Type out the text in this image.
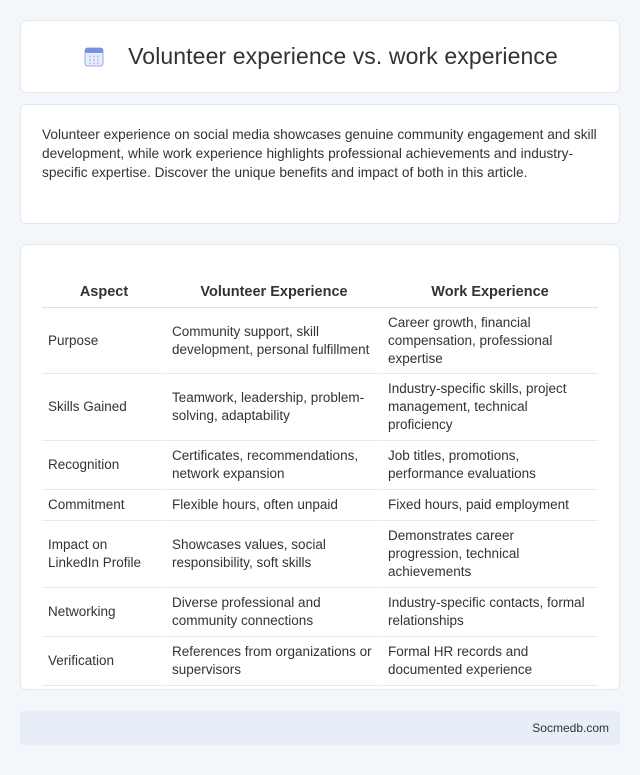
Volunteer experience vs. work experience

Volunteer experience on social media showcases genuine community engagement and skill development, while work experience highlights professional achievements and industry-specific expertise. Discover the unique benefits and impact of both in this article.

Aspect	Volunteer Experience	Work Experience
Purpose	Community support, skill development, personal fulfillment	Career growth, financial compensation, professional expertise
Skills Gained	Teamwork, leadership, problem-solving, adaptability	Industry-specific skills, project management, technical proficiency
Recognition	Certificates, recommendations, network expansion	Job titles, promotions, performance evaluations
Commitment	Flexible hours, often unpaid	Fixed hours, paid employment
Impact on LinkedIn Profile	Showcases values, social responsibility, soft skills	Demonstrates career progression, technical achievements
Networking	Diverse professional and community connections	Industry-specific contacts, formal relationships
Verification	References from organizations or supervisors	Formal HR records and documented experience
Socmedb.com
